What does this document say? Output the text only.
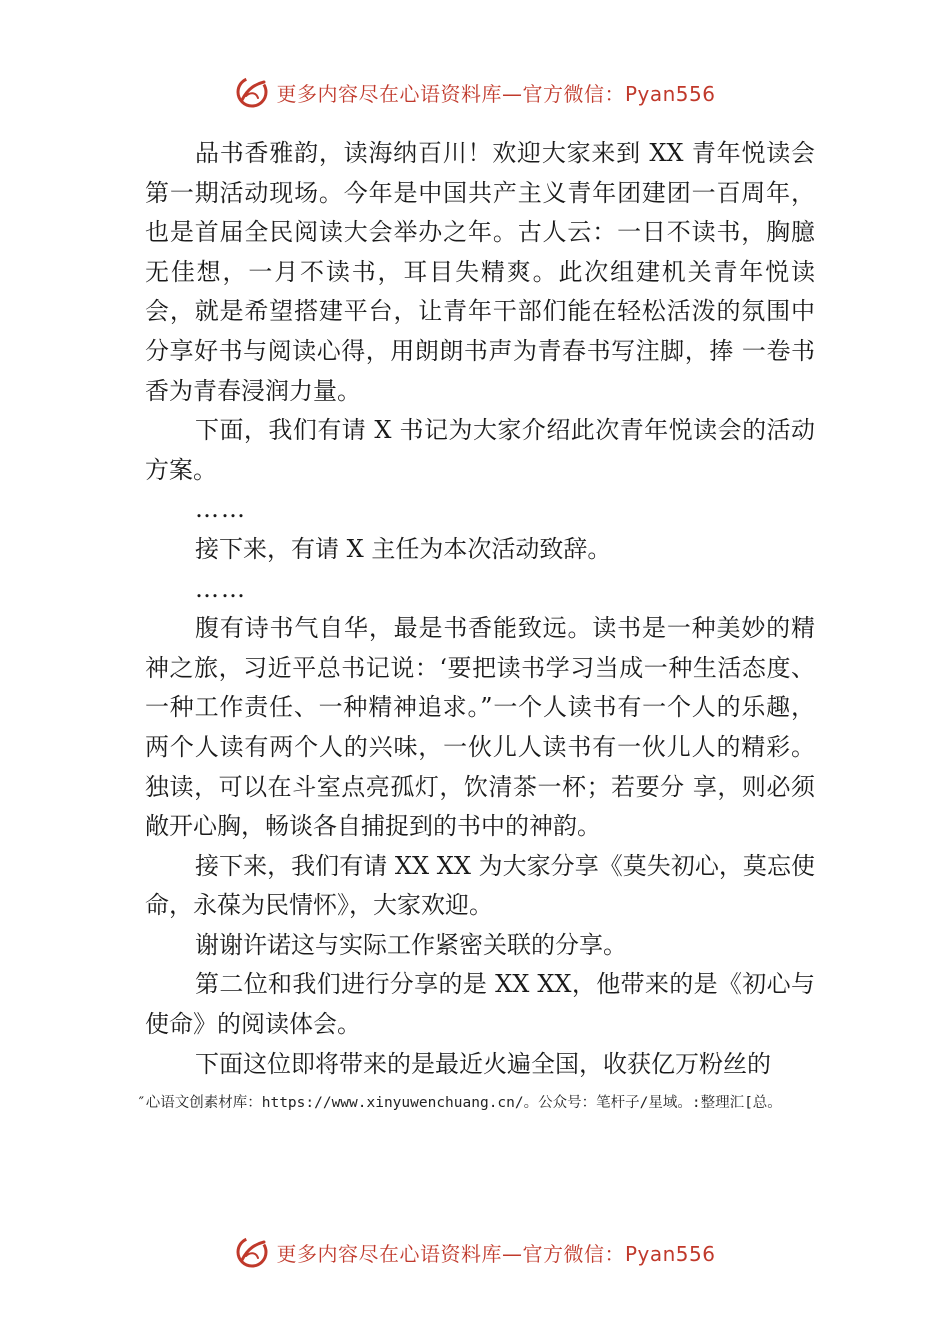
更多内容尽在心语资料库—官方微信：Pyan556

品书香雅韵，读海纳百川！欢迎大家来到 XX 青年悦读会第一期活动现场。今年是中国共产主义青年团建团一百周年，也是首届全民阅读大会举办之年。古人云：一日不读书，胸臆无佳想，一月不读书，耳目失精爽。此次组建机关青年悦读会，就是希望搭建平台，让青年干部们能在轻松活泼的氛围中分享好书与阅读心得，用朗朗书声为青春书写注脚，捧 一卷书香为青春浸润力量。

下面，我们有请 X 书记为大家介绍此次青年悦读会的活动方案。

……

接下来，有请 X 主任为本次活动致辞。

……

腹有诗书气自华，最是书香能致远。读书是一种美妙的精神之旅，习近平总书记说：‘要把读书学习当成一种生活态度、一种工作责任、一种精神追求。”一个人读书有一个人的乐趣，两个人读有两个人的兴味，一伙儿人读书有一伙儿人的精彩。独读，可以在斗室点亮孤灯，饮清茶一杯；若要分 享，则必须敞开心胸，畅谈各自捕捉到的书中的神韵。

接下来，我们有请 XX XX 为大家分享《莫失初心，莫忘使命，永葆为民情怀》，大家欢迎。

谢谢许诺这与实际工作紧密关联的分享。

第二位和我们进行分享的是 XX XX，他带来的是《初心与使命》的阅读体会。

下面这位即将带来的是最近火遍全国，收获亿万粉丝的

″心语文创素材库：https://www.xinyuwenchuang.cn/。公众号：笔杆子/星域。:整理汇[总。
更多内容尽在心语资料库—官方微信：Pyan556
